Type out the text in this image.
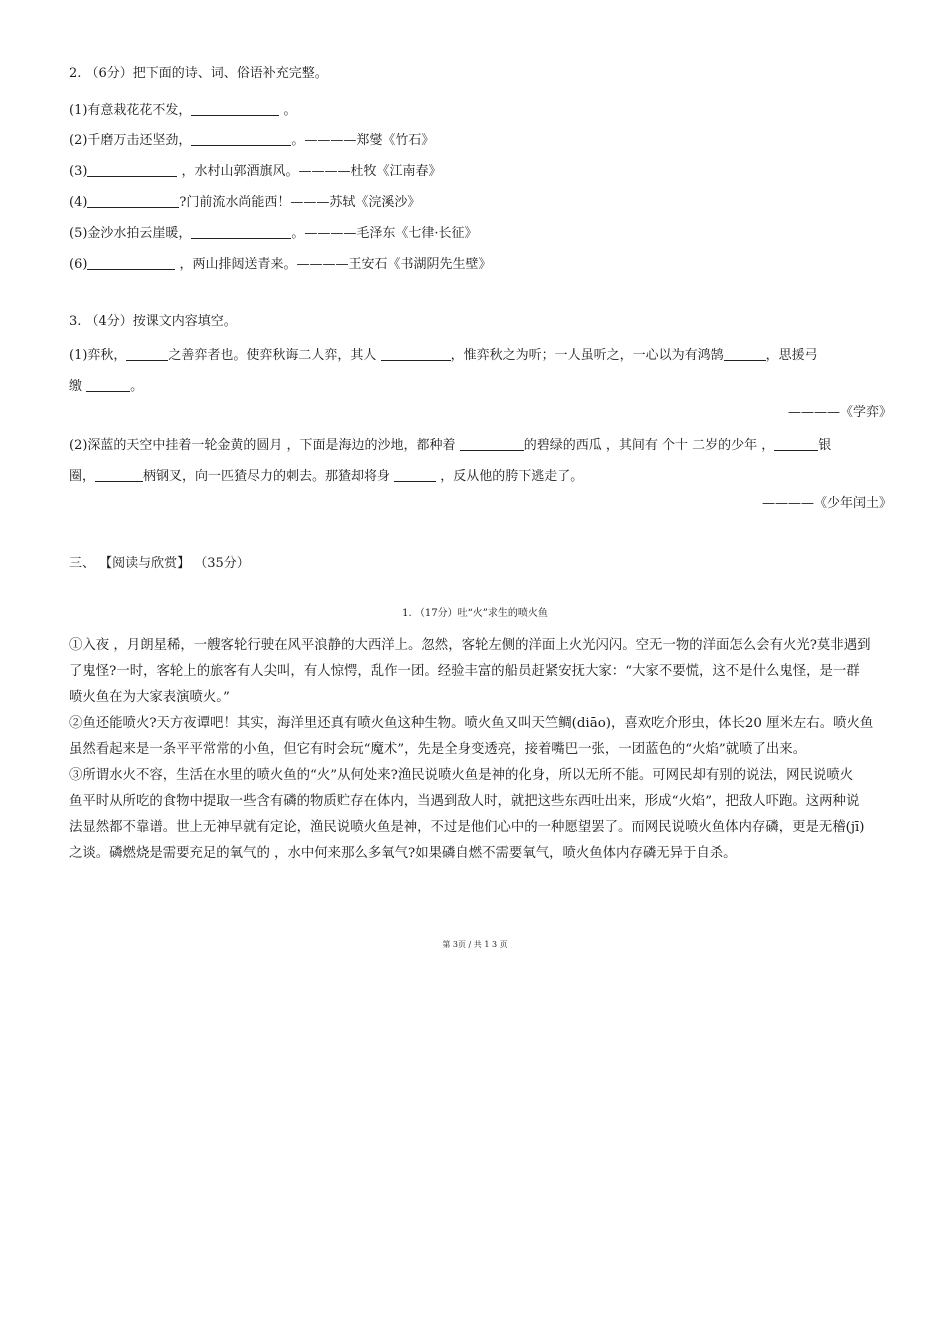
2. （6分）把下面的诗、词、俗语补充完整。
(1)有意栽花花不发，	。
(2)千磨万击还坚劲，	。————郑燮《竹石》
(3)	，水村山郭酒旗风。————杜牧《江南春》
(4)	?门前流水尚能西！———苏轼《浣溪沙》
(5)金沙水拍云崖暖，	。————毛泽东《七律·长征》
(6)	，两山排闼送青来。————王安石《书湖阴先生壁》
3. （4分）按课文内容填空。
(1)弈秋，	之善弈者也。使弈秋诲二人弈，其人	，惟弈秋之为听；一人虽听之，一心以为有鸿鹄	，思援弓
缴	。
————《学弈》
(2)深蓝的天空中挂着一轮金黄的圆月 ，下面是海边的沙地，都种着	的碧绿的西瓜 ，其间有 个十 二岁的少年 ，	银
圈，	柄钢叉，向一匹猹尽力的刺去。那猹却将身	，反从他的胯下逃走了。
————《少年闰土》
三、 【阅读与欣赏】 （35分）
1. （17分）吐“火”求生的喷火鱼
①入夜 ，月朗星稀，一艘客轮行驶在风平浪静的大西洋上。忽然，客轮左侧的洋面上火光闪闪。空无一物的洋面怎么会有火光?莫非遇到
了鬼怪?一时，客轮上的旅客有人尖叫，有人惊愕，乱作一团。经验丰富的船员赶紧安抚大家：“大家不要慌，这不是什么鬼怪，是一群
喷火鱼在为大家表演喷火。”
②鱼还能喷火?天方夜谭吧！其实，海洋里还真有喷火鱼这种生物。喷火鱼又叫天竺鲷(diāo)，喜欢吃介形虫，体长20 厘米左右。喷火鱼
虽然看起来是一条平平常常的小鱼，但它有时会玩“魔术”，先是全身变透亮，接着嘴巴一张，一团蓝色的“火焰”就喷了出来。
③所谓水火不容，生活在水里的喷火鱼的“火”从何处来?渔民说喷火鱼是神的化身，所以无所不能。可网民却有别的说法，网民说喷火
鱼平时从所吃的食物中提取一些含有磷的物质贮存在体内，当遇到敌人时，就把这些东西吐出来，形成“火焰”，把敌人吓跑。这两种说
法显然都不靠谱。世上无神早就有定论，渔民说喷火鱼是神，不过是他们心中的一种愿望罢了。而网民说喷火鱼体内存磷，更是无稽(jī)
之谈。磷燃烧是需要充足的氧气的 ，水中何来那么多氧气?如果磷自燃不需要氧气，喷火鱼体内存磷无异于自杀。
第 3页 / 共 1 3 页
